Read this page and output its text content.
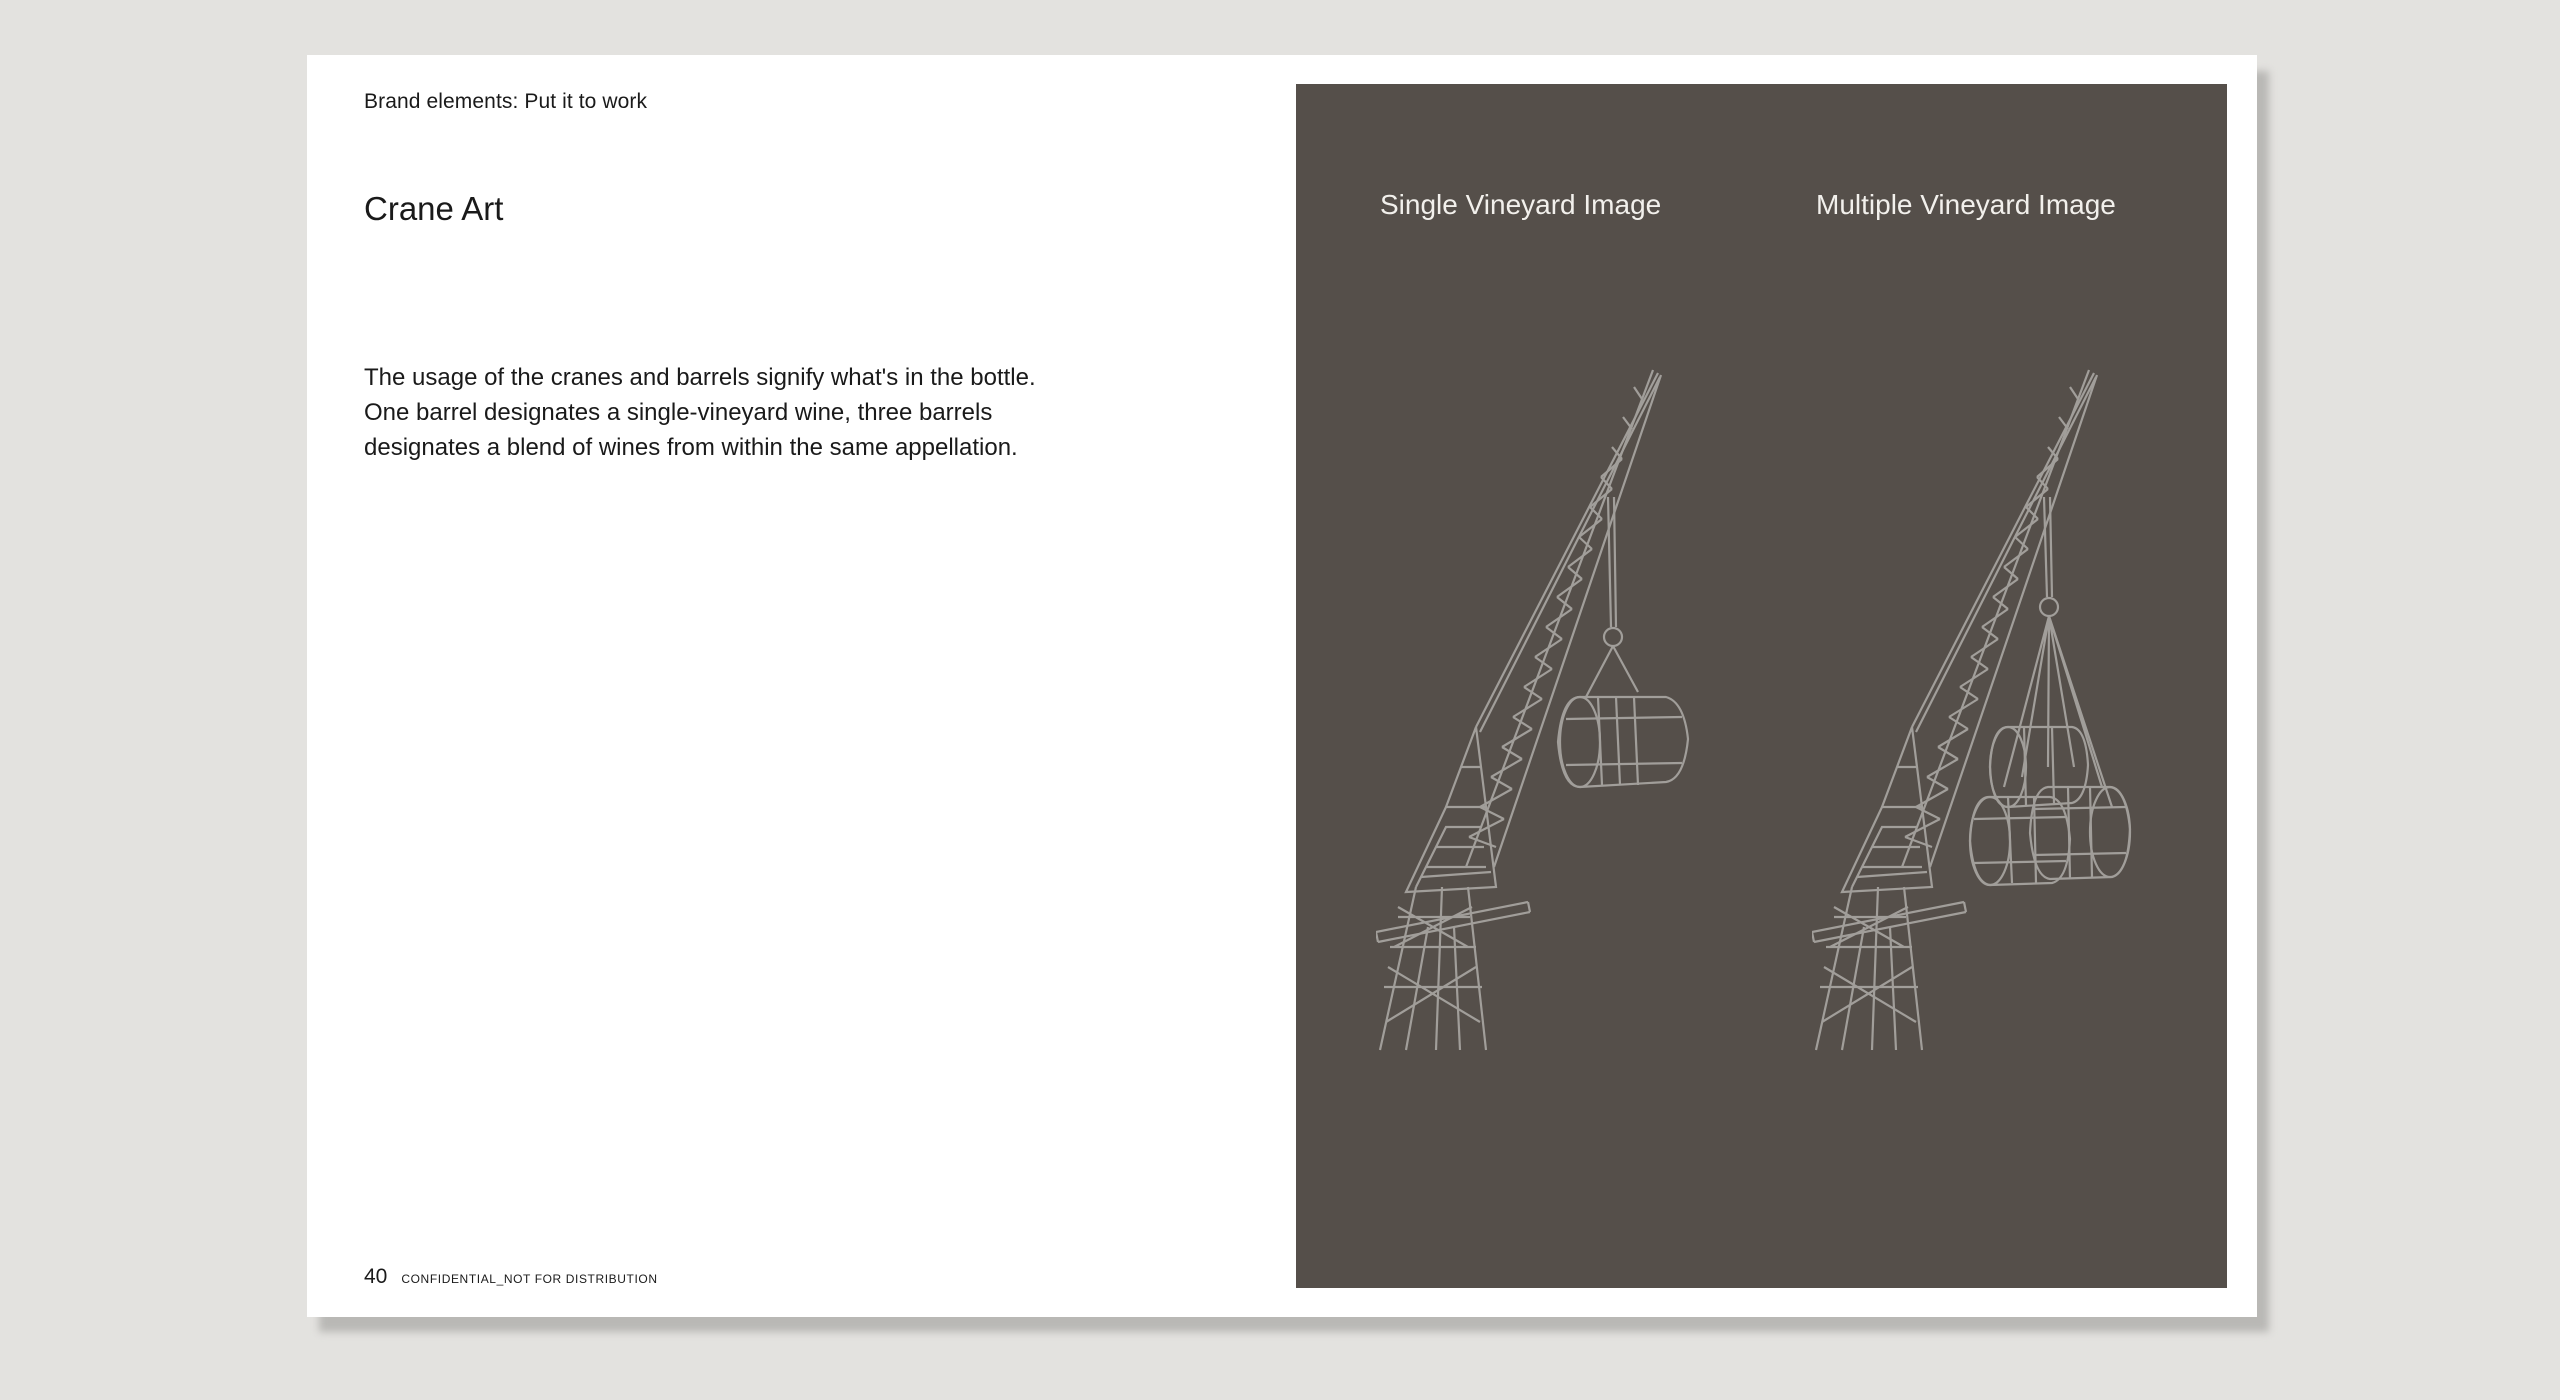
Brand elements: Put it to work
Crane Art

The usage of the cranes and barrels signify what's in the bottle. One barrel designates a single-vineyard wine, three barrels designates a blend of wines from within the same appellation.

40 CONFIDENTIAL_NOT FOR DISTRIBUTION
Single Vineyard Image	Multiple Vineyard Image
